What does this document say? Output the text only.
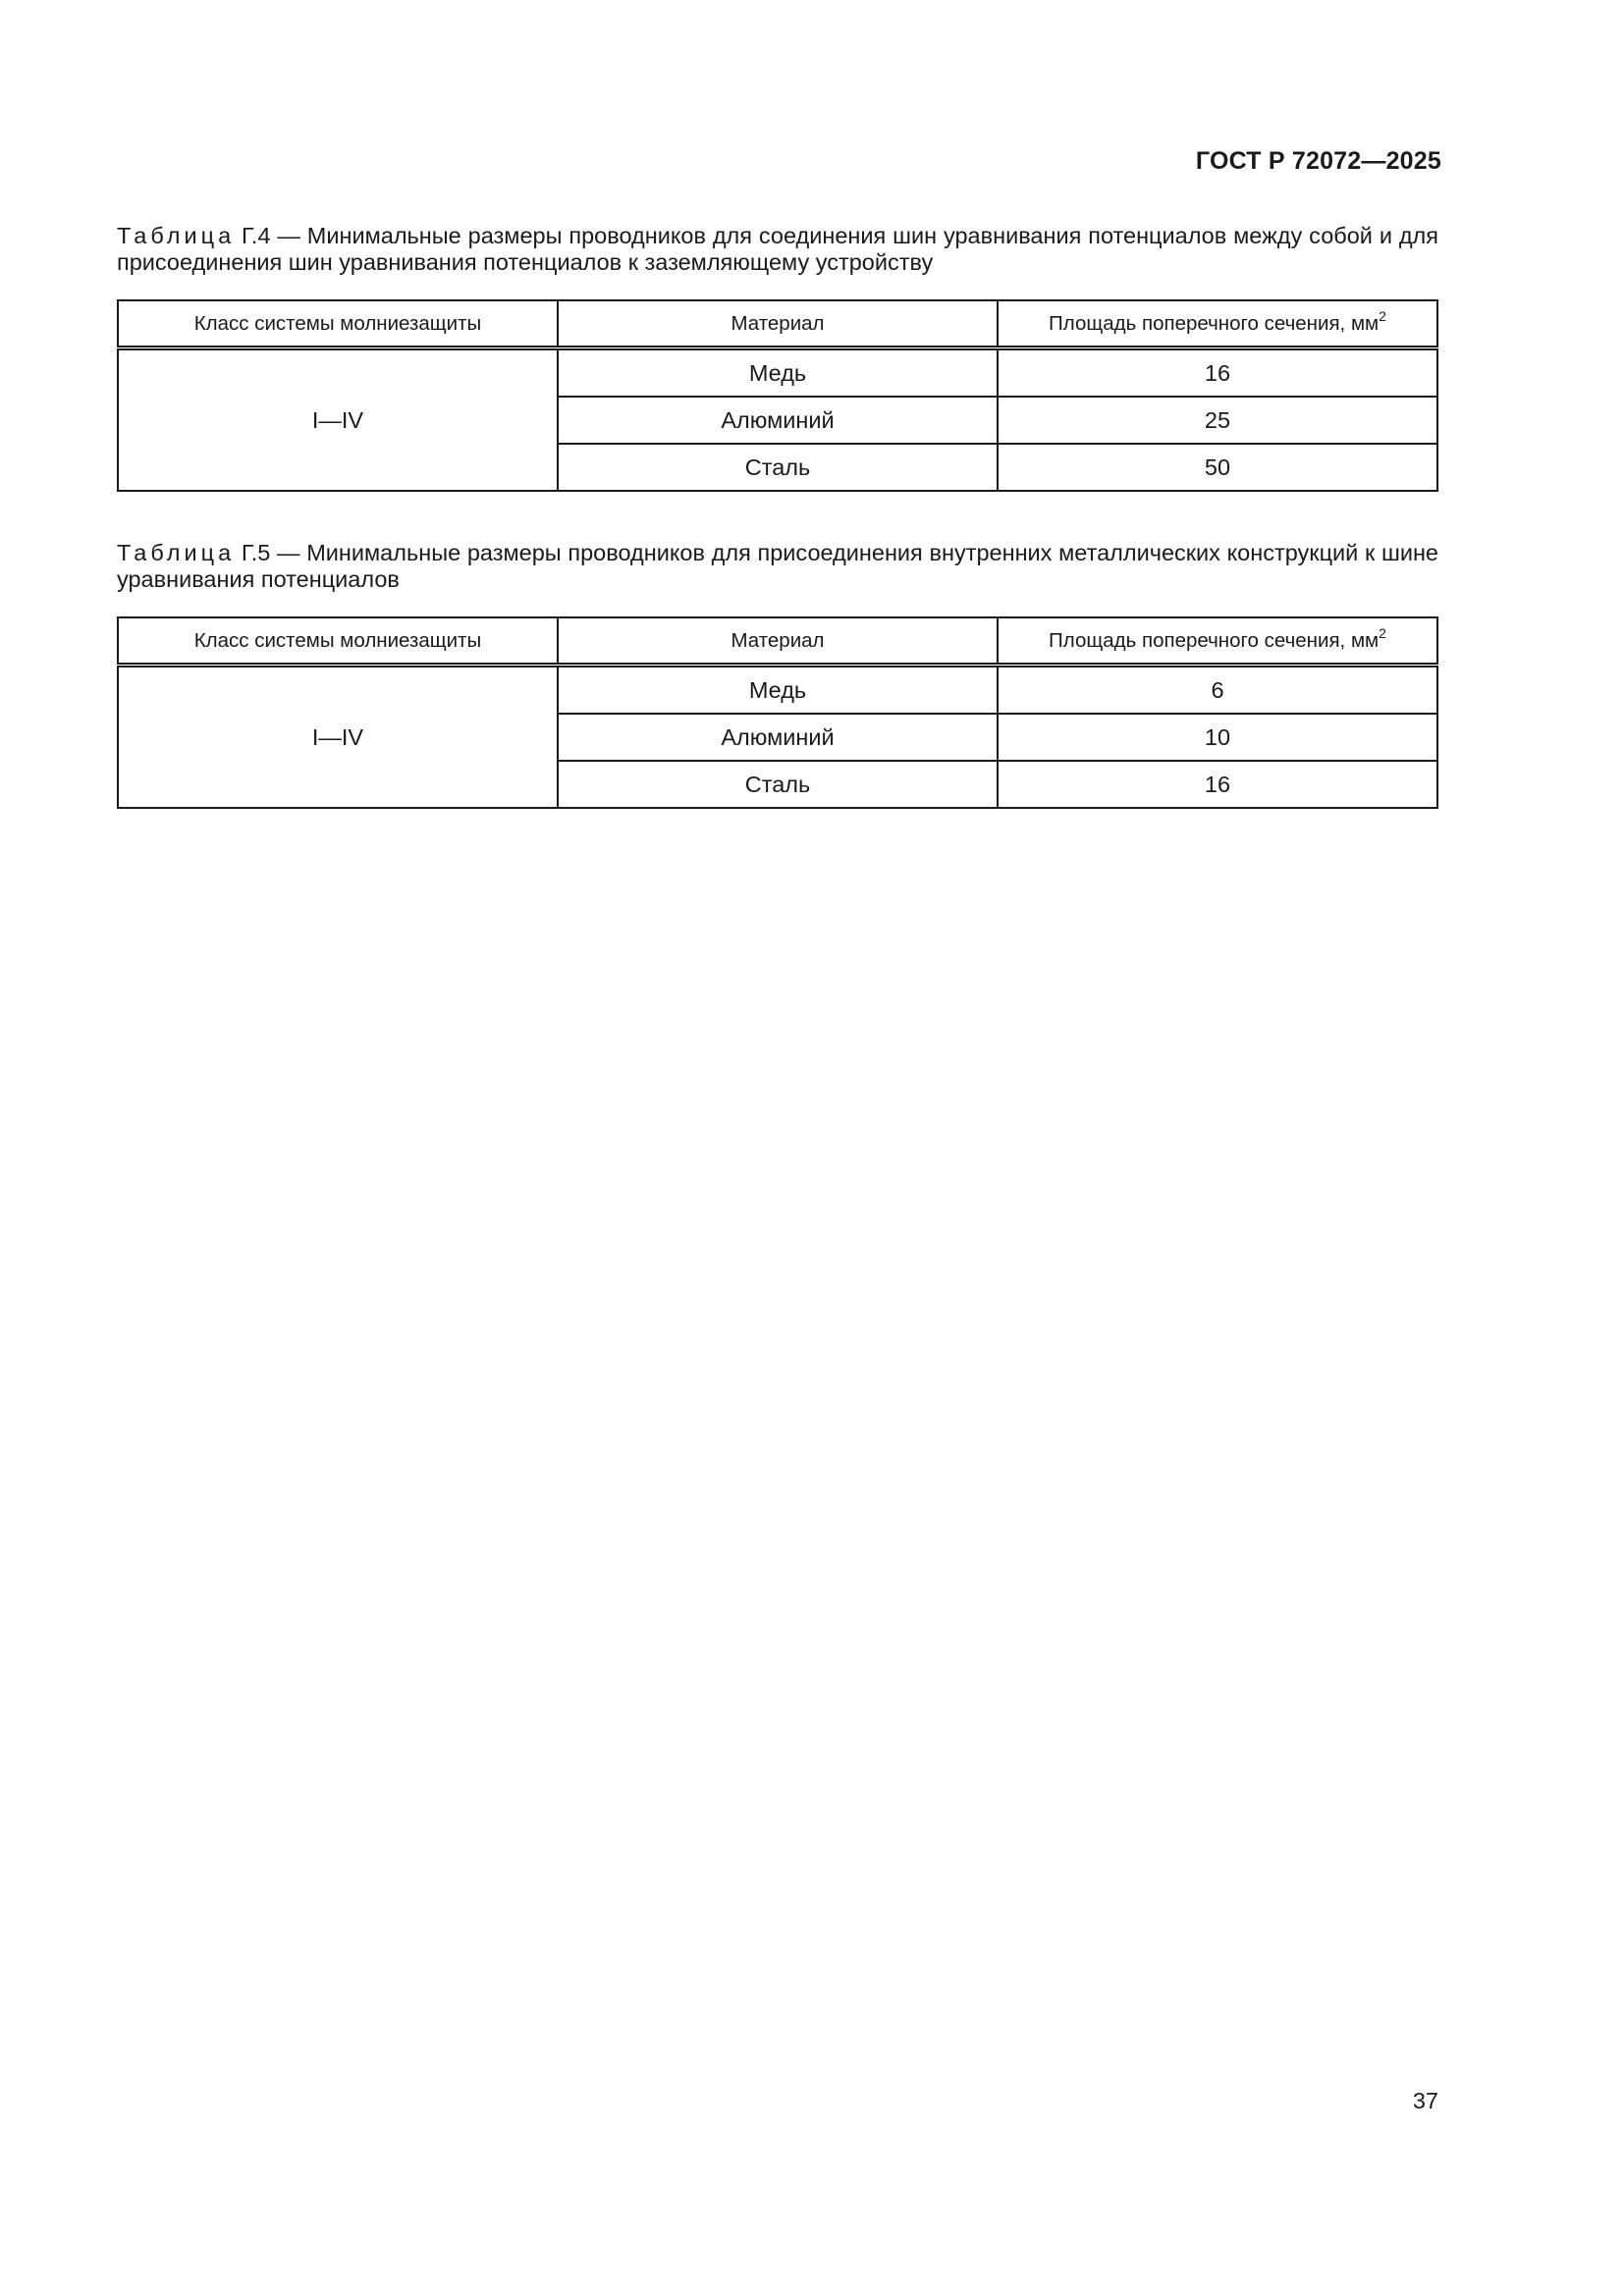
ГОСТ Р 72072—2025
Таблица Г.4 — Минимальные размеры проводников для соединения шин уравнивания потенциалов между собой и для присоединения шин уравнивания потенциалов к заземляющему устройству
Класс системы молниезащиты	Материал	Площадь поперечного сечения, $мм^2$
I—IV	Медь	16
	Алюминий	25
	Сталь	50
Таблица Г.5 — Минимальные размеры проводников для присоединения внутренних металлических конструкций к шине уравнивания потенциалов
Класс системы молниезащиты	Материал	Площадь поперечного сечения, $мм^2$
I—IV	Медь	6
	Алюминий	10
	Сталь	16
37
